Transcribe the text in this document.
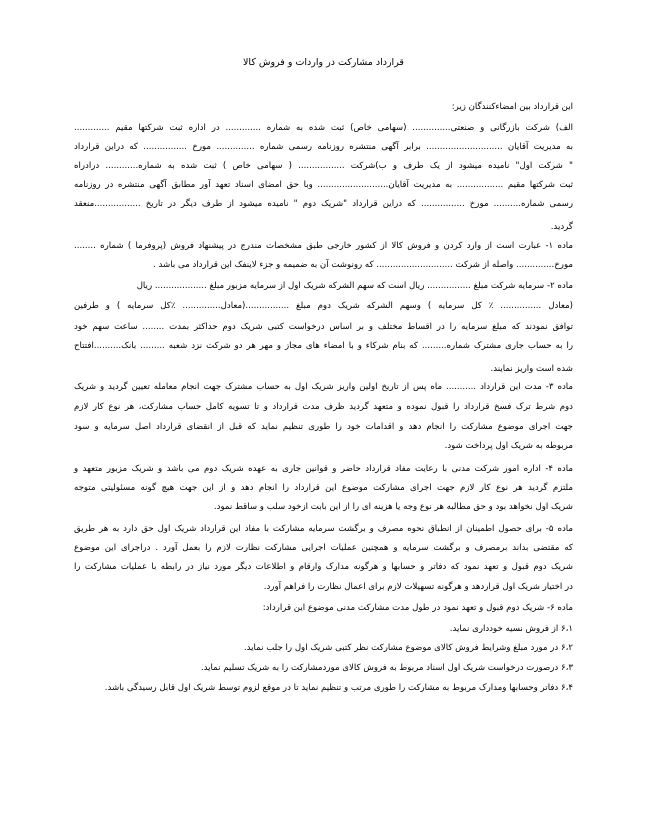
قرارداد مشارکت در واردات و فروش کالا
این قرارداد بین امضاءکنندگان زیر:
الف) شرکت بازرگانی و صنعتی.............. (سهامی خاص) ثبت شده به شماره ............. در اداره ثبت شرکتها مقیم .............
به مدیریت آقایان ............................ برابر آگهی منتشره روزنامه رسمی شماره .............. مورخ ................ که دراین قرارداد
" شرکت اول" نامیده میشود از یک طرف و ب)شرکت ................. ( سهامی خاص ) ثبت شده به شماره............ درادراه
ثبت شرکتها مقیم ................. به مدیریت آقایان.......................... وبا حق امضای اسناد تعهد آور مطابق آگهی منتشره در روزنامه
رسمی شماره.......... مورخ ................ که دراین قرارداد "شریک دوم " نامیده میشود از طرف دیگر در تاریخ .................منعقد
گردید.
ماده ۱- عبارت است از وارد کردن و فروش کالا از کشور خارجی طبق مشخصات مندرج در پیشنهاد فروش (پروفرما ) شماره ........
مورخ.............. واصله از شرکت ............................ که رونوشت آن به ضمیمه و جزء لاینفک این قرارداد می باشد .
ماده ۲- سرمایه شرکت مبلغ ................ ریال است که سهم الشرکه شریک اول از سرمایه مزبور مبلغ ................... ریال
(معادل ............... ٪ کل سرمایه ) وسهم الشرکه شریک دوم مبلغ ................(معادل.............. ٪کل سرمایه ) و طرفین
توافق نمودند که مبلغ سرمایه را در اقساط مختلف و بر اساس درخواست کتبی شریک دوم حداکثر بمدت ........ ساعت سهم خود
را به حساب جاری مشترک شماره......... که بنام شرکاء و با امضاء های مجاز و مهر هر دو شرکت نزد شعبه ......... بانک..........افتتاح
شده است واریز نمایند.
ماده ۳- مدت این قرارداد ........... ماه پس از تاریخ اولین واریز شریک اول به حساب مشترک جهت انجام معامله تعیین گردید و شریک
دوم شرط ترک فسخ قرارداد را قبول نموده و متعهد گردید ظرف مدت قرارداد و تا تسویه کامل حساب مشارکت، هر نوع کار لازم
جهت اجرای موضوع مشارکت را انجام دهد و اقدامات خود را طوری تنظیم نماید که قبل از انقضای قرارداد اصل سرمایه و سود
مربوطه به شریک اول پرداخت شود.
ماده ۴- اداره امور شرکت مدنی با رعایت مفاد قرارداد حاضر و قوانین جاری به عهده شریک دوم می باشد و شریک مزبور متعهد و
ملتزم گردید هر نوع کار لازم جهت اجرای مشارکت موضوع این قرارداد را انجام دهد و از این جهت هیچ گونه مسئولیتی متوجه
شریک اول نخواهد بود و حق مطالبه هر نوع وجه یا هزینه ای را از این بابت ازخود سلب و ساقط نمود.
ماده ۵- برای حصول اطمینان از انطباق نحوه مصرف و برگشت سرمایه مشارکت با مفاد این قرارداد شریک اول حق دارد به هر طریق
که مقتضی بداند برمصرف و برگشت سرمایه و همچنین عملیات اجرایی مشارکت نظارت لازم را بعمل آورد . دراجرای این موضوع
شریک دوم قبول و تعهد نمود که دفاتر و حسابها و هرگونه مدارک وارقام و اطلاعات دیگر مورد نیاز در رابطه با عملیات مشارکت را
در اختیار شریک اول قراردهد و هرگونه تسهیلات لازم برای اعمال نظارت را فراهم آورد.
ماده ۶- شریک دوم قبول و تعهد نمود در طول مدت مشارکت مدنی موضوع این قرارداد:
۶،۱ از فروش نسیه خودداری نماید.
۶،۲ در مورد مبلغ وشرایط فروش کالای موضوع مشارکت نظر کتبی شریک اول را جلب نماید.
۶،۳ درصورت درخواست شریک اول اسناد مربوط به فروش کالای موردمشارکت را به شریک تسلیم نماید.
۶،۴ دفاتر وحسابها ومدارک مربوط به مشارکت را طوری مرتب و تنظیم نماید تا در موقع لزوم توسط شریک اول قابل رسیدگی باشد.
